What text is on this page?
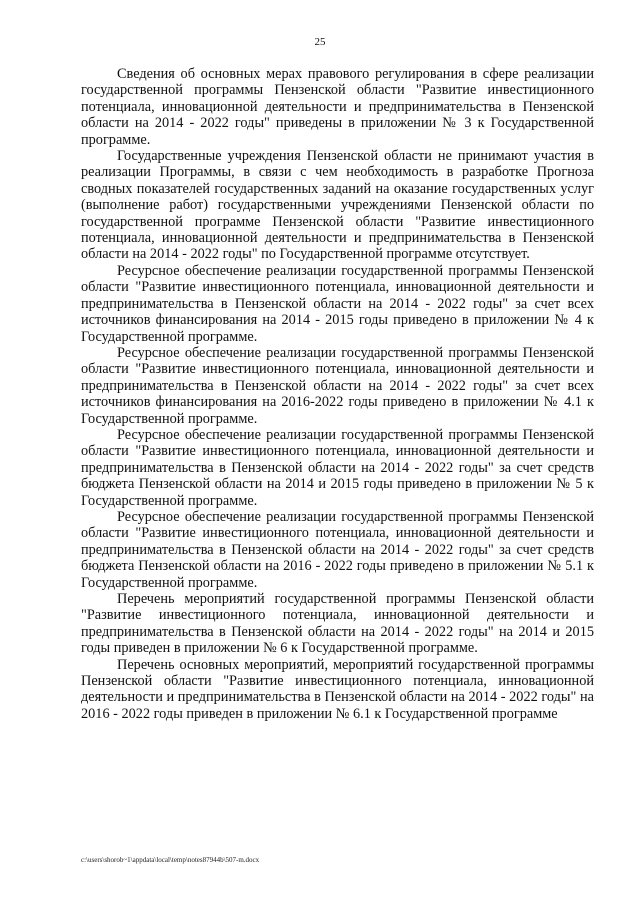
25

Сведения об основных мерах правового регулирования в сфере реализации государственной программы Пензенской области "Развитие инвестиционного потенциала, инновационной деятельности и предпринимательства в Пензенской области на 2014 - 2022 годы" приведены в приложении № 3 к Государственной программе.

Государственные учреждения Пензенской области не принимают участия в реализации Программы, в связи с чем необходимость в разработке Прогноза сводных показателей государственных заданий на оказание государственных услуг (выполнение работ) государственными учреждениями Пензенской области по государственной программе Пензенской области "Развитие инвестиционного потенциала, инновационной деятельности и предпринимательства в Пензенской области на 2014 - 2022 годы" по Государственной программе отсутствует.

Ресурсное обеспечение реализации государственной программы Пензенской области "Развитие инвестиционного потенциала, инновационной деятельности и предпринимательства в Пензенской области на 2014 - 2022 годы" за счет всех источников финансирования на 2014 - 2015 годы приведено в приложении № 4 к Государственной программе.

Ресурсное обеспечение реализации государственной программы Пензенской области "Развитие инвестиционного потенциала, инновационной деятельности и предпринимательства в Пензенской области на 2014 - 2022 годы" за счет всех источников финансирования на 2016-2022 годы приведено в приложении № 4.1 к Государственной программе.

Ресурсное обеспечение реализации государственной программы Пензенской области "Развитие инвестиционного потенциала, инновационной деятельности и предпринимательства в Пензенской области на 2014 - 2022 годы" за счет средств бюджета Пензенской области на 2014 и 2015 годы приведено в приложении № 5 к Государственной программе.

Ресурсное обеспечение реализации государственной программы Пензенской области "Развитие инвестиционного потенциала, инновационной деятельности и предпринимательства в Пензенской области на 2014 - 2022 годы" за счет средств бюджета Пензенской области на 2016 - 2022 годы приведено в приложении № 5.1 к Государственной программе.

Перечень мероприятий государственной программы Пензенской области "Развитие инвестиционного потенциала, инновационной деятельности и предпринимательства в Пензенской области на 2014 - 2022 годы" на 2014 и 2015 годы приведен в приложении № 6 к Государственной программе.

Перечень основных мероприятий, мероприятий государственной программы Пензенской области "Развитие инвестиционного потенциала, инновационной деятельности и предпринимательства в Пензенской области на 2014 - 2022 годы" на 2016 - 2022 годы приведен в приложении № 6.1 к Государственной программе

c:\users\shorob~1\appdata\local\temp\notes87944b\507-m.docx
